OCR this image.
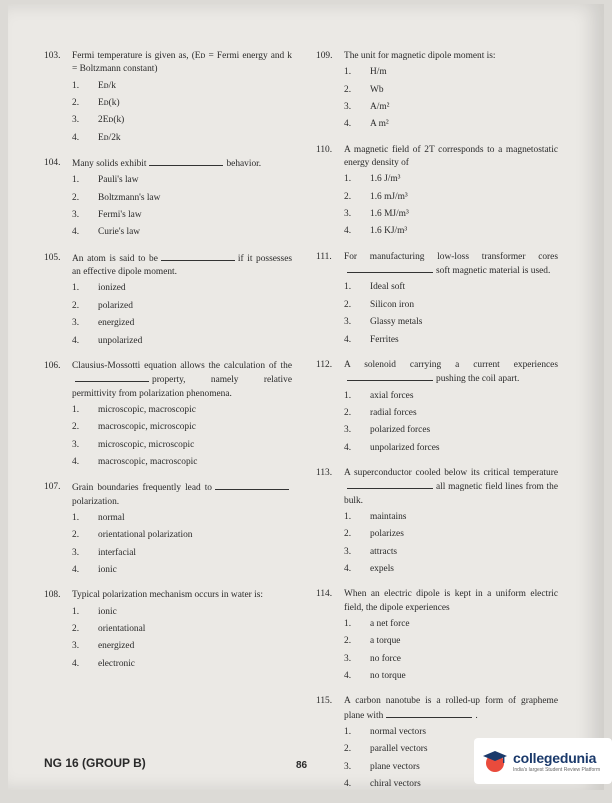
103. Fermi temperature is given as, (Eᴅ = Fermi energy and k = Boltzmann constant)
1.	Eᴅ/k
2.	Eᴅ(k)
3.	2Eᴅ(k)
4.	Eᴅ/2k
104. Many solids exhibit	behavior.
1.	Pauli's law
2.	Boltzmann's law
3.	Fermi's law
4.	Curie's law
105. An atom is said to be	if it possesses an effective dipole moment.
1.	ionized
2.	polarized
3.	energized
4.	unpolarized
106. Clausius-Mossotti equation allows the calculation of theproperty, namely relative permittivity from polarization phenomena.
1.	microscopic, macroscopic
2.	macroscopic, microscopic
3.	microscopic, microscopic
4.	macroscopic, macroscopic
107. Grain boundaries frequently lead topolarization.
1.	normal
2.	orientational polarization
3.	interfacial
4.	ionic
108. Typical polarization mechanism occurs in water is:
1.	ionic
2.	orientational
3.	energized
4.	electronic
109. The unit for magnetic dipole moment is:
1.	H/m
2.	Wb
3.	A/m²
4.	A m²
110. A magnetic field of 2T corresponds to a magnetostatic energy density of
1.	1.6 J/m³
2.	1.6 mJ/m³
3.	1.6 MJ/m³
4.	1.6 KJ/m³
111. For manufacturing low-loss transformer coressoft magnetic material is used.
1.	Ideal soft
2.	Silicon iron
3.	Glassy metals
4.	Ferrites
112. A solenoid carrying a current experiencespushing the coil apart.
1.	axial forces
2.	radial forces
3.	polarized forces
4.	unpolarized forces
113. A superconductor cooled below its critical temperatureall magnetic field lines from the bulk.
1.	maintains
2.	polarizes
3.	attracts
4.	expels
114. When an electric dipole is kept in a uniform electric field, the dipole experiences
1.	a net force
2.	a torque
3.	no force
4.	no torque
115. A carbon nanotube is a rolled-up form of grapheme plane with	.
1.	normal vectors
2.	parallel vectors
3.	plane vectors
4.	chiral vectors
NG 16 (GROUP B)	86	collegedunia
India's largest Student Review Platform
